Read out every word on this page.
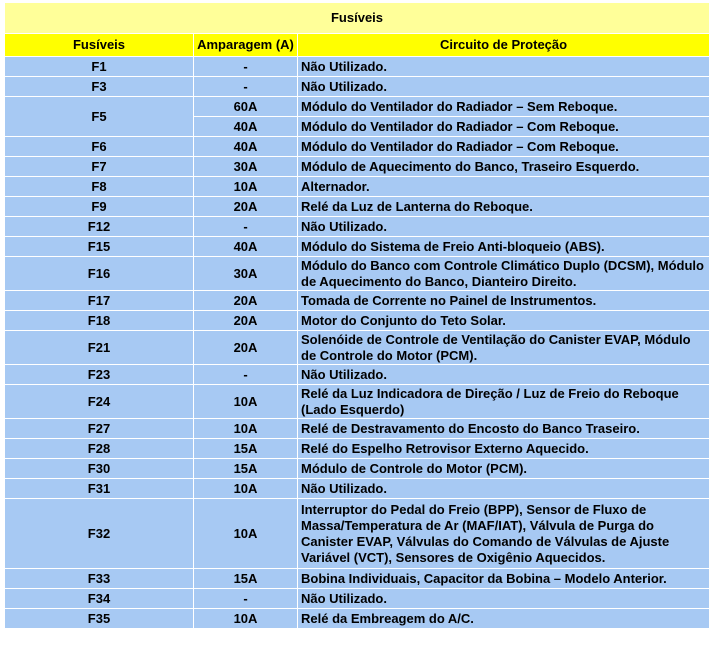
Fusíveis		
Fusíveis	Amparagem (A)	Circuito de Proteção
F1	-	Não Utilizado.
F3	-	Não Utilizado.
F5	60A	Módulo do Ventilador do Radiador – Sem Reboque.
	40A	Módulo do Ventilador do Radiador – Com Reboque.
F6	40A	Módulo do Ventilador do Radiador – Com Reboque.
F7	30A	Módulo de Aquecimento do Banco, Traseiro Esquerdo.
F8	10A	Alternador.
F9	20A	Relé da Luz de Lanterna do Reboque.
F12	-	Não Utilizado.
F15	40A	Módulo do Sistema de Freio Anti-bloqueio (ABS).
F16	30A	Módulo do Banco com Controle Climático Duplo (DCSM), Módulo de Aquecimento do Banco, Dianteiro Direito.
F17	20A	Tomada de Corrente no Painel de Instrumentos.
F18	20A	Motor do Conjunto do Teto Solar.
F21	20A	Solenóide de Controle de Ventilação do Canister EVAP, Módulo de Controle do Motor (PCM).
F23	-	Não Utilizado.
F24	10A	Relé da Luz Indicadora de Direção / Luz de Freio do Reboque (Lado Esquerdo)
F27	10A	Relé de Destravamento do Encosto do Banco Traseiro.
F28	15A	Relé do Espelho Retrovisor Externo Aquecido.
F30	15A	Módulo de Controle do Motor (PCM).
F31	10A	Não Utilizado.
F32	10A	Interruptor do Pedal do Freio (BPP), Sensor de Fluxo de Massa/Temperatura de Ar (MAF/IAT), Válvula de Purga do Canister EVAP, Válvulas do Comando de Válvulas de Ajuste Variável (VCT), Sensores de Oxigênio Aquecidos.
F33	15A	Bobina Individuais, Capacitor da Bobina – Modelo Anterior.
F34	-	Não Utilizado.
F35	10A	Relé da Embreagem do A/C.
